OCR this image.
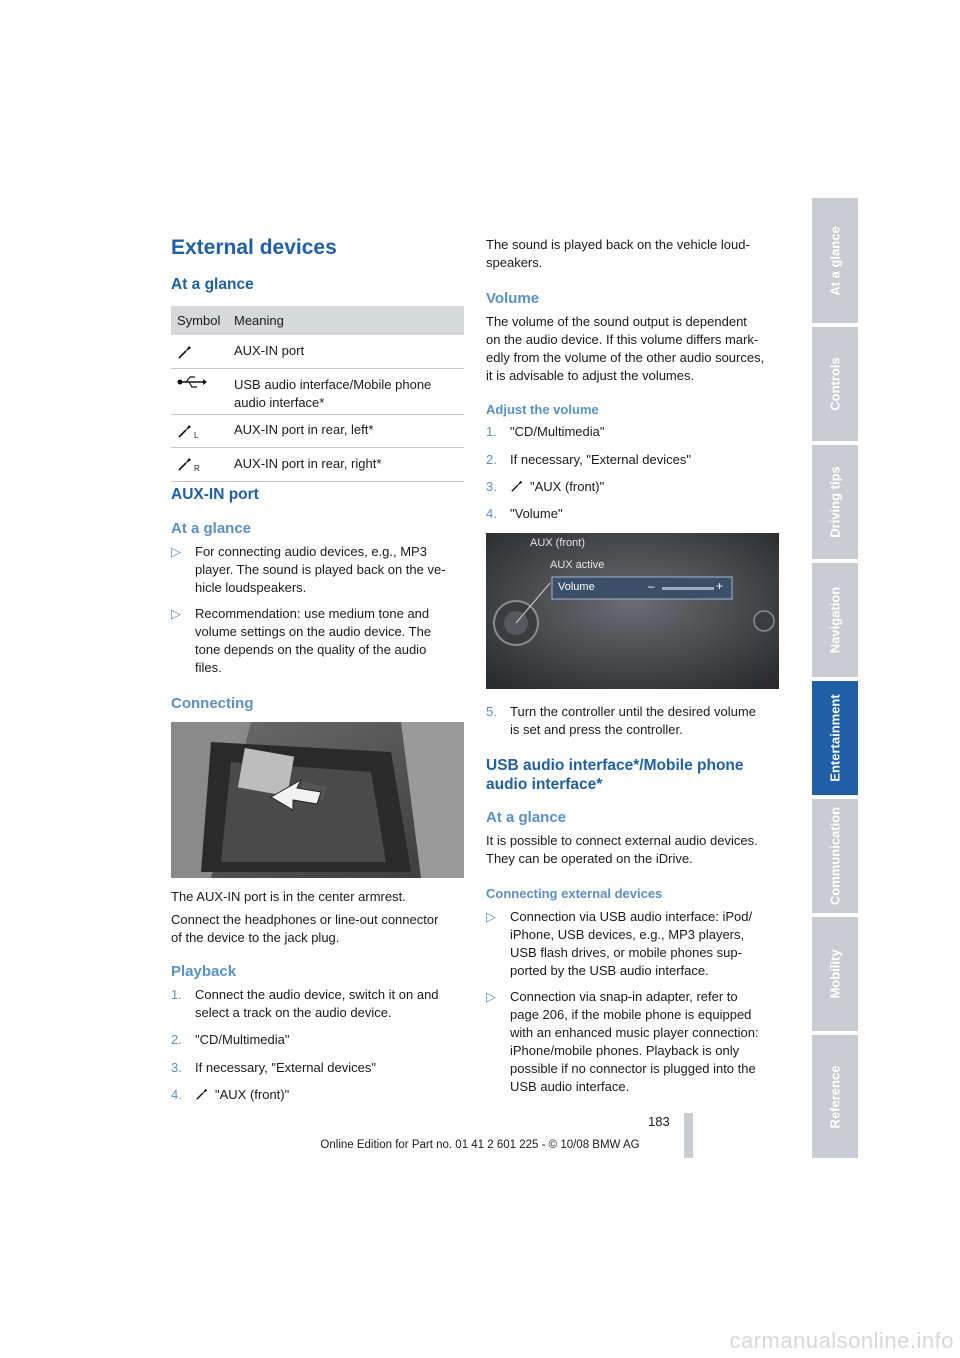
External devices
At a glance
Symbol Meaning
AUX-IN port
USB audio interface/Mobile phone
audio interface*
L	AUX-IN port in rear, left*
R	AUX-IN port in rear, right*
AUX-IN port
At a glance
▷	For connecting audio devices, e.g., MP3
player. The sound is played back on the ve-
hicle loudspeakers.
▷	Recommendation: use medium tone and
volume settings on the audio device. The
tone depends on the quality of the audio
files.
Connecting
The AUX-IN port is in the center armrest.
Connect the headphones or line-out connector
of the device to the jack plug.
Playback
1.	Connect the audio device, switch it on and
select a track on the audio device.
2.	"CD/Multimedia"
3.	If necessary, "External devices"
4.	"AUX (front)"
The sound is played back on the vehicle loud-
speakers.
Volume
The volume of the sound output is dependent
on the audio device. If this volume differs mark-
edly from the volume of the other audio sources,
it is advisable to adjust the volumes.
Adjust the volume
1.	"CD/Multimedia"
2.	If necessary, "External devices"
3.	"AUX (front)"
4.	"Volume"
AUX (front)
AUX active
Volume	–	+
5.	Turn the controller until the desired volume
is set and press the controller.
USB audio interface*/Mobile phone
audio interface*
At a glance
It is possible to connect external audio devices.
They can be operated on the iDrive.
Connecting external devices
▷	Connection via USB audio interface: iPod/
iPhone, USB devices, e.g., MP3 players,
USB flash drives, or mobile phones sup-
ported by the USB audio interface.
▷	Connection via snap-in adapter, refer to
page 206, if the mobile phone is equipped
with an enhanced music player connection:
iPhone/mobile phones. Playback is only
possible if no connector is plugged into the
USB audio interface.
183
Online Edition for Part no. 01 41 2 601 225 - © 10/08 BMW AG
At a glance
Controls
Driving tips
Navigation
Entertainment
Communication
Mobility
Reference
carmanualsonline.info
